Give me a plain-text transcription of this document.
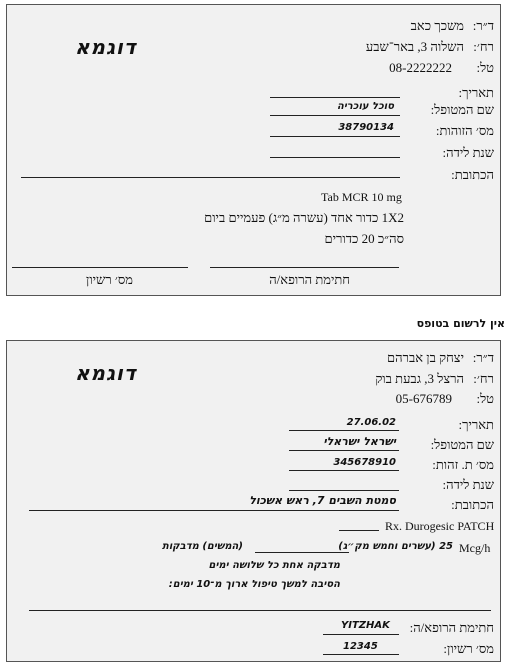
משכך כאב ד״ר:
השלוה 3, באר־שבע רח׳:
08-2222222 טל:
דוגמא
תאריך:
שם המטופל:
סוכל עוכריה
מס׳ הזוהות:
38790134
שנת לידה:
הכתובת:
Tab MCR 10 mg
1X2 כדור אחד (עשרה מ״ג) פעמיים ביום
סה״כ 20 כדורים
מס׳ רשיון	חתימת הרופא/ה
אין לרשום בטופס
יצחק בן אברהם ד״ר:
הרצל 3, גבעת בוק רח׳:
05-676789 טל:
דוגמא
תאריך:
27.06.02
שם המטופל:
ישראל ישראלי
מס׳ ת. זהות:
345678910
שנת לידה:
הכתובת:
סמטת השבים 7, ראש אשכול
Rx. Durogesic PATCH
Mcg/h
25 (עשרים וחמש מק״ג)
(המשים) מדבקות
מדבקה אחת כל שלושה ימים
הסיבה למשך טיפול ארוך מ־10 ימים:
חתימת הרופא/ה:
YITZHAK
מס׳ רשיון:
12345
